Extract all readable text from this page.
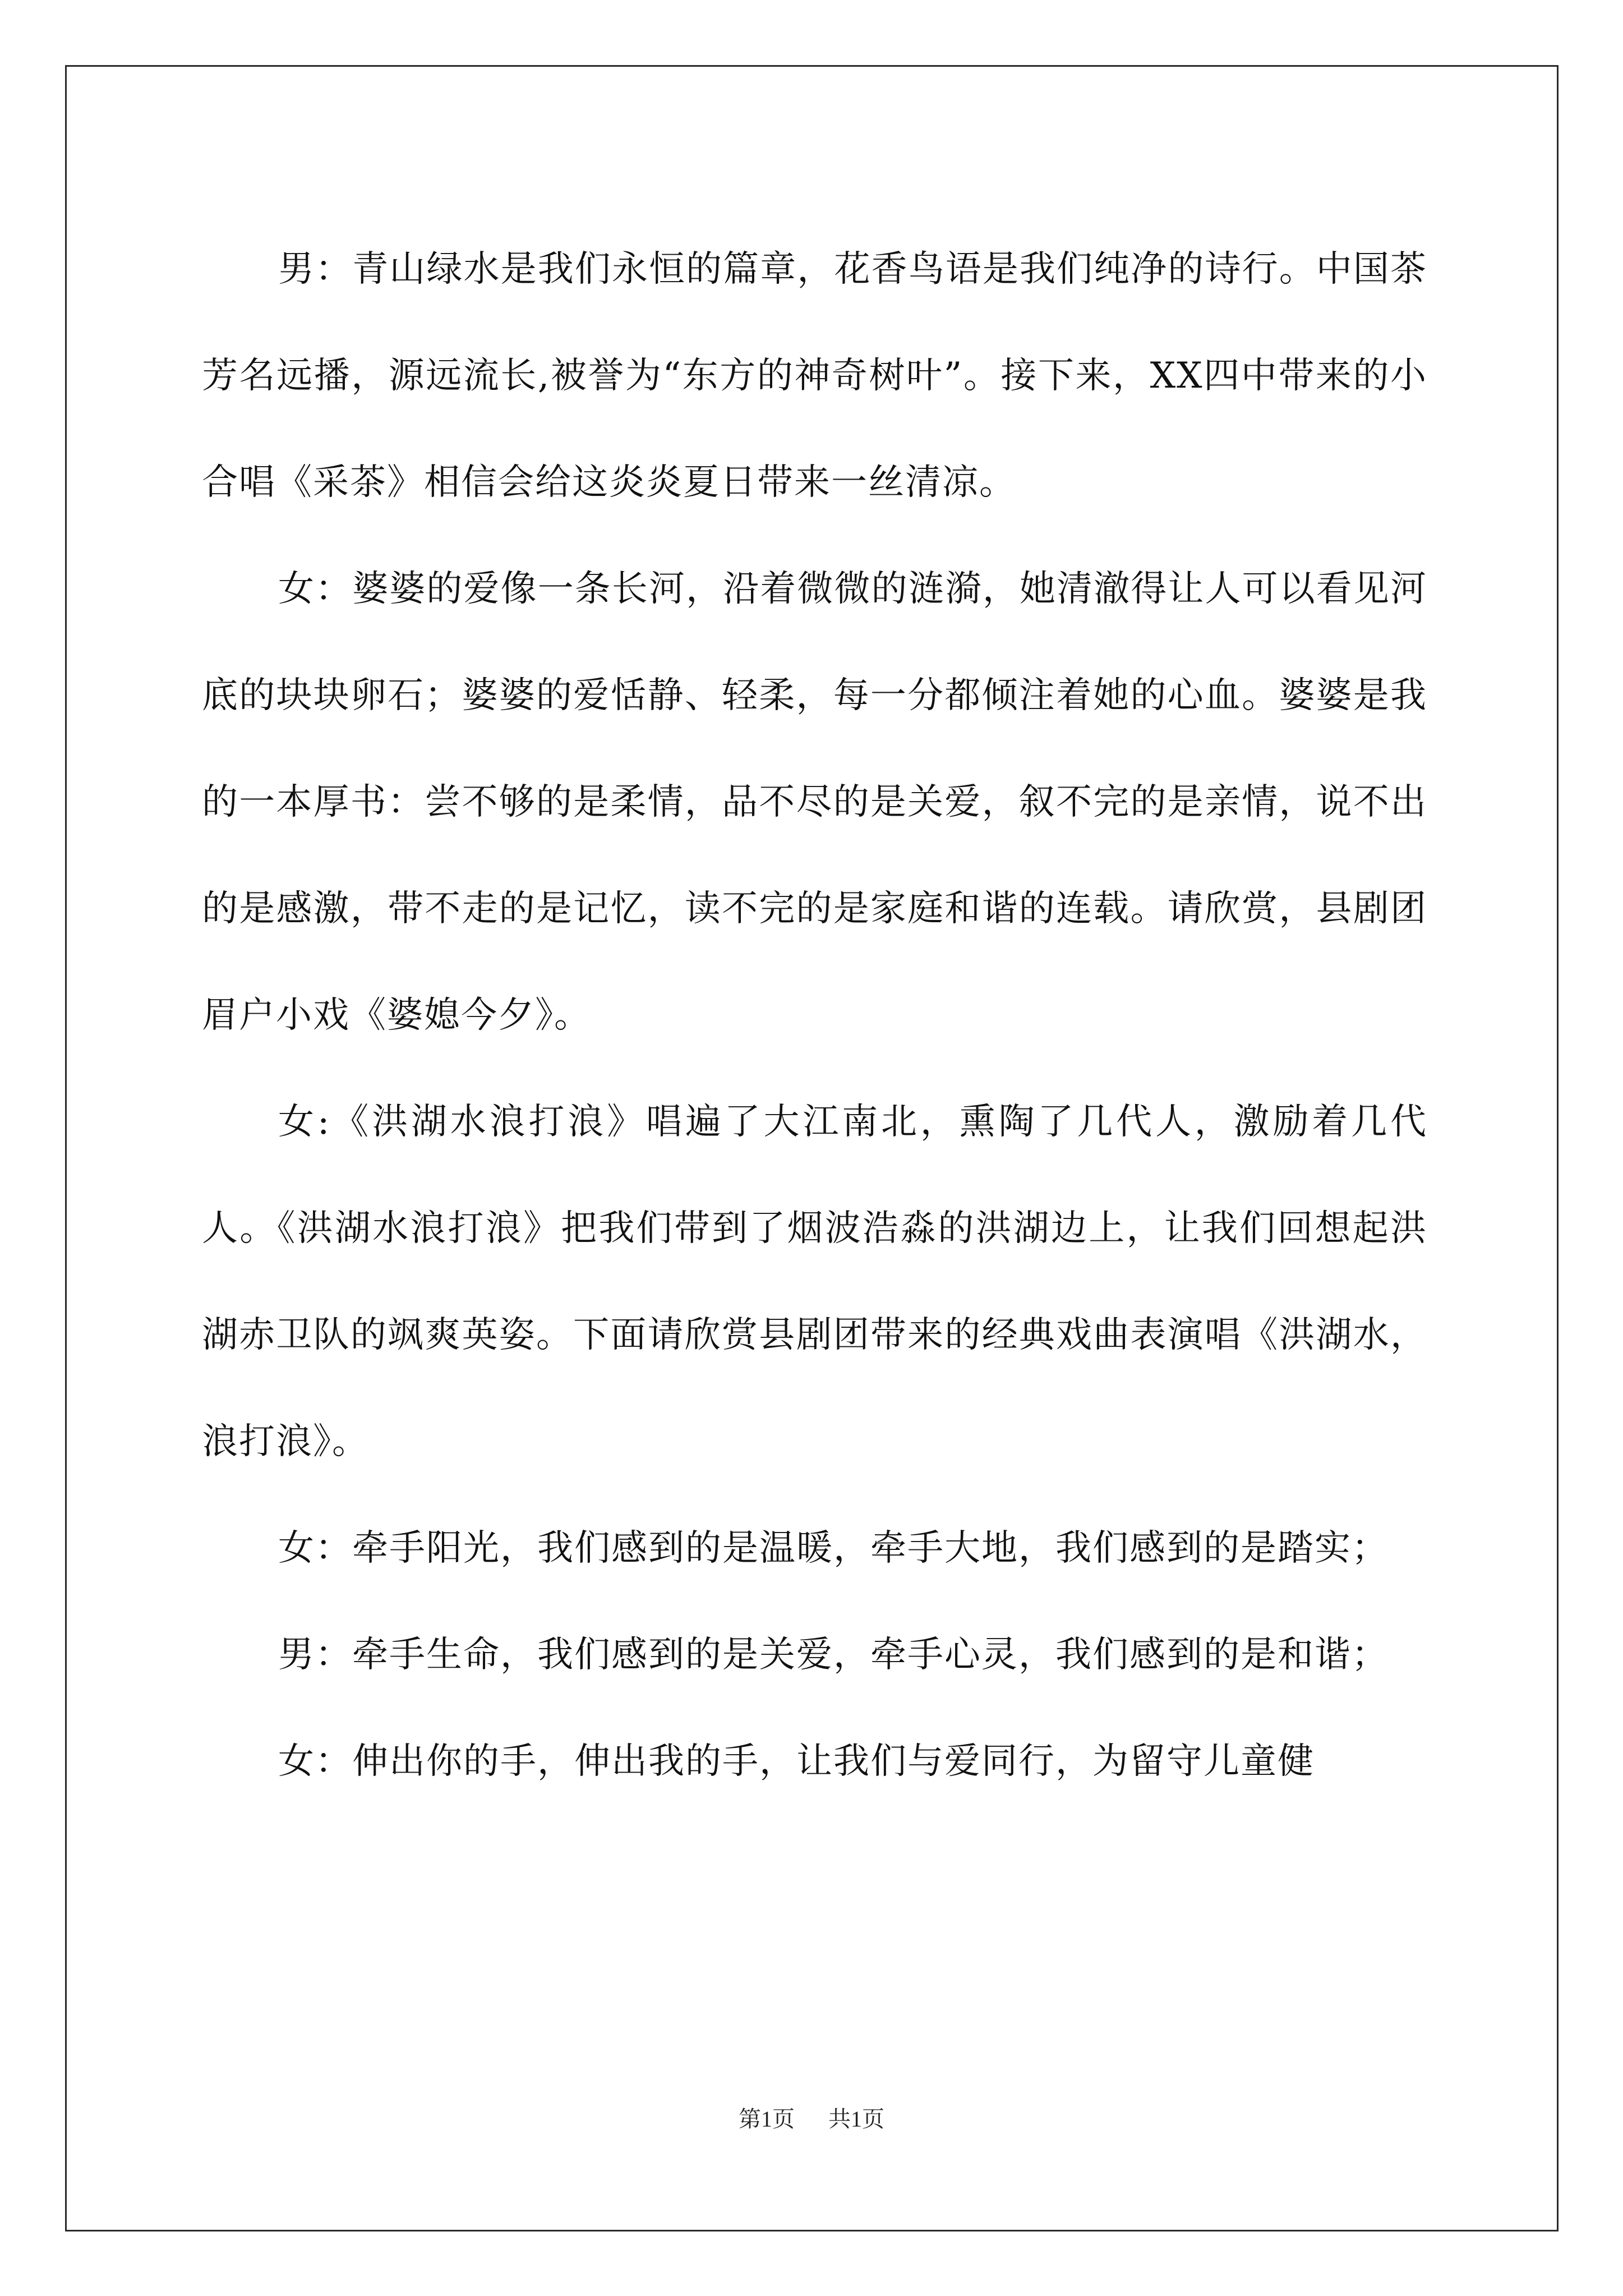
男：青山绿水是我们永恒的篇章，花香鸟语是我们纯净的诗行。中国茶芳名远播，源远流长,被誉为“东方的神奇树叶”。接下来，XX四中带来的小合唱《采茶》相信会给这炎炎夏日带来一丝清凉。

女：婆婆的爱像一条长河，沿着微微的涟漪，她清澈得让人可以看见河底的块块卵石；婆婆的爱恬静、轻柔，每一分都倾注着她的心血。婆婆是我的一本厚书：尝不够的是柔情，品不尽的是关爱，叙不完的是亲情，说不出的是感激，带不走的是记忆，读不完的是家庭和谐的连载。请欣赏，县剧团眉户小戏《婆媳今夕》。

女:《洪湖水浪打浪》唱遍了大江南北，熏陶了几代人，激励着几代人。《洪湖水浪打浪》把我们带到了烟波浩淼的洪湖边上，让我们回想起洪湖赤卫队的飒爽英姿。下面请欣赏县剧团带来的经典戏曲表演唱《洪湖水，浪打浪》。

女：牵手阳光，我们感到的是温暖，牵手大地，我们感到的是踏实；

男：牵手生命，我们感到的是关爱，牵手心灵，我们感到的是和谐；

女：伸出你的手，伸出我的手，让我们与爱同行，为留守儿童健

第1页 共1页
